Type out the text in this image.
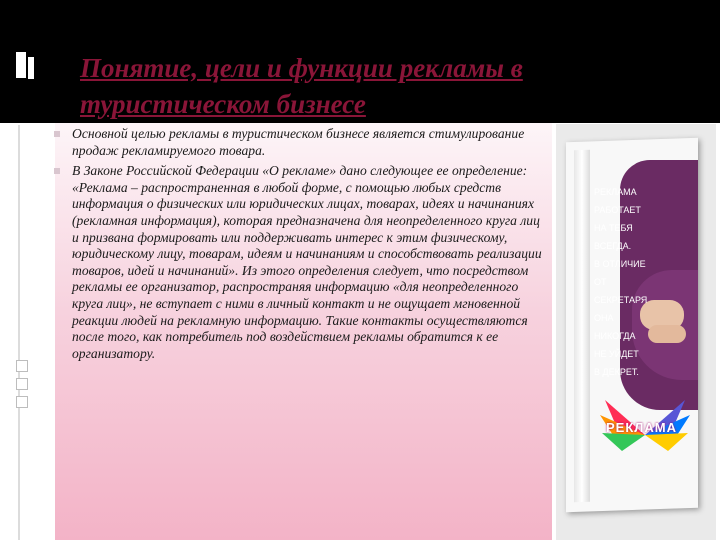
Понятие, цели и функции рекламы в туристическом бизнесе
Основной целью рекламы в туристическом бизнесе является стимулирование продаж рекламируемого товара.
В Законе Российской Федерации «О рекламе» дано следующее ее определение: «Реклама – распространенная в любой форме, с помощью любых средств информация о физических или юридических лицах, товарах, идеях и начинаниях (рекламная информация), которая предназначена для неопределенного круга лиц и призвана формировать или поддерживать интерес к этим физическому, юридическому лицу, товарам, идеям и начинаниям и способствовать реализации товаров, идей и начинаний». Из этого определения следует, что посредством рекламы ее организатор, распространяя информацию «для неопределенного круга лиц», не вступает с ними в личный контакт и не ощущает мгновенной реакции людей на рекламную информацию. Такие контакты осуществляются после того, как потребитель под воздействием рекламы обратится к ее организатору.
РЕКЛАМА РАБОТАЕТ
НА ТЕБЯ ВСЕГДА.
В ОТЛИЧИЕ ОТ
СЕКРЕТАРЯ
ОНА НИКОГДА
НЕ УЙДЕТ
В ДЕКРЕТ.
РЕКЛАМА
